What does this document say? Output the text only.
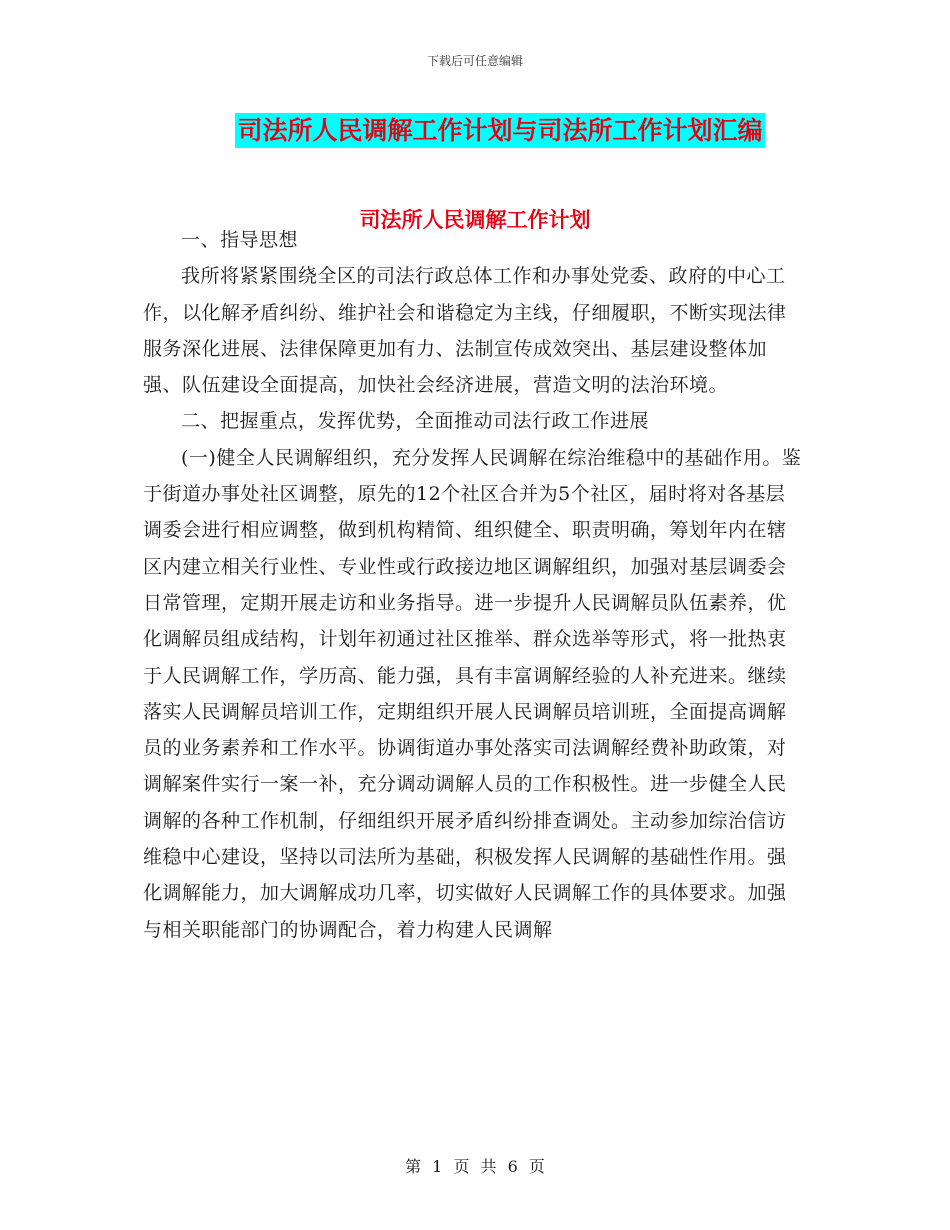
下载后可任意编辑
司法所人民调解工作计划与司法所工作计划汇编
司法所人民调解工作计划

一、指导思想

我所将紧紧围绕全区的司法行政总体工作和办事处党委、政府的中心工作，以化解矛盾纠纷、维护社会和谐稳定为主线，仔细履职，不断实现法律服务深化进展、法律保障更加有力、法制宣传成效突出、基层建设整体加强、队伍建设全面提高，加快社会经济进展，营造文明的法治环境。

二、把握重点，发挥优势，全面推动司法行政工作进展

(一)健全人民调解组织，充分发挥人民调解在综治维稳中的基础作用。鉴于街道办事处社区调整，原先的12个社区合并为5个社区，届时将对各基层调委会进行相应调整，做到机构精简、组织健全、职责明确，筹划年内在辖区内建立相关行业性、专业性或行政接边地区调解组织，加强对基层调委会日常管理，定期开展走访和业务指导。进一步提升人民调解员队伍素养，优化调解员组成结构，计划年初通过社区推举、群众选举等形式，将一批热衷于人民调解工作，学历高、能力强，具有丰富调解经验的人补充进来。继续落实人民调解员培训工作，定期组织开展人民调解员培训班，全面提高调解员的业务素养和工作水平。协调街道办事处落实司法调解经费补助政策，对调解案件实行一案一补，充分调动调解人员的工作积极性。进一步健全人民调解的各种工作机制，仔细组织开展矛盾纠纷排查调处。主动参加综治信访维稳中心建设，坚持以司法所为基础，积极发挥人民调解的基础性作用。强化调解能力，加大调解成功几率，切实做好人民调解工作的具体要求。加强与相关职能部门的协调配合，着力构建人民调解

第 1 页 共 6 页
